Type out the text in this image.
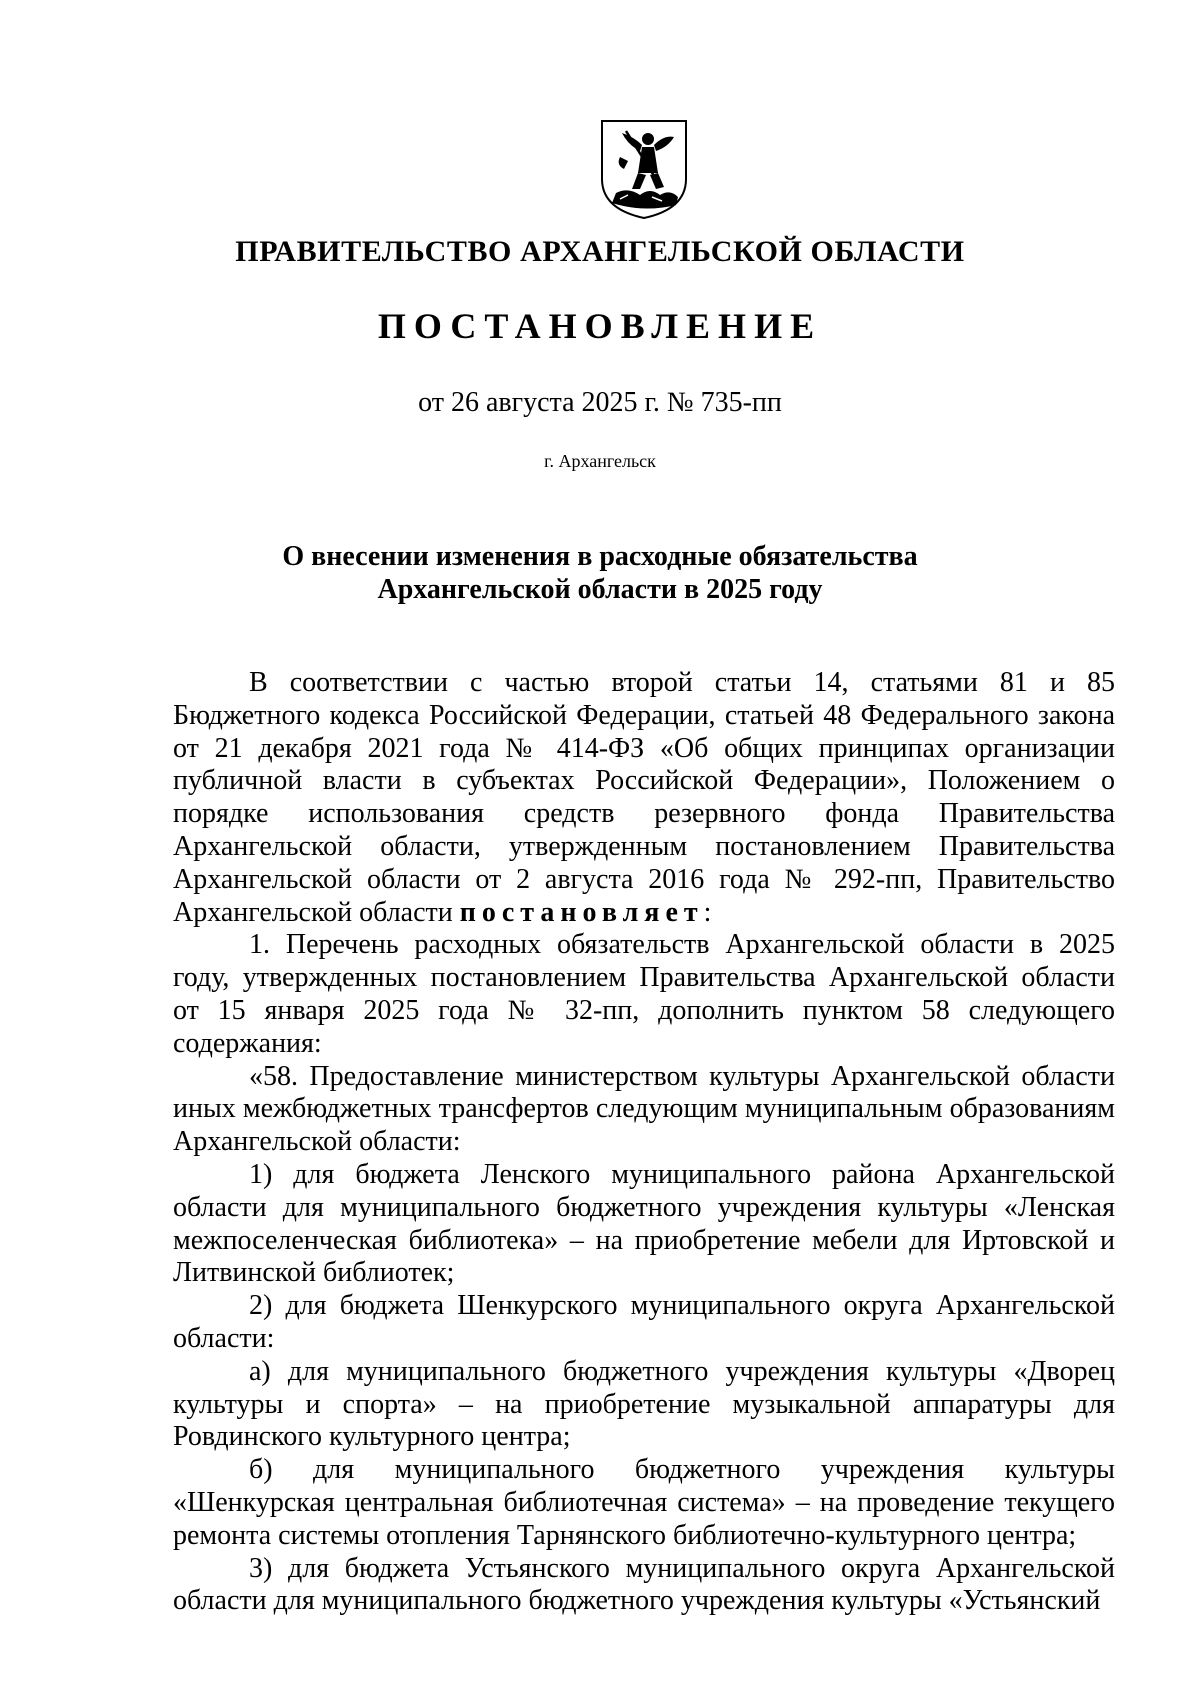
ПРАВИТЕЛЬСТВО АРХАНГЕЛЬСКОЙ ОБЛАСТИ
ПОСТАНОВЛЕНИЕ
от 26 августа 2025 г. № 735-пп
г. Архангельск
О внесении изменения в расходные обязательства
Архангельской области в 2025 году

В соответствии с частью второй статьи 14, статьями 81 и 85 Бюджетного кодекса Российской Федерации, статьей 48 Федерального закона от 21 декабря 2021 года № 414-ФЗ «Об общих принципах организации публичной власти в субъектах Российской Федерации», Положением о порядке использования средств резервного фонда Правительства Архангельской области, утвержденным постановлением Правительства Архангельской области от 2 августа 2016 года № 292-пп, Правительство Архангельской области постановляет:

1. Перечень расходных обязательств Архангельской области в 2025 году, утвержденных постановлением Правительства Архангельской области от 15 января 2025 года № 32-пп, дополнить пунктом 58 следующего содержания:

«58. Предоставление министерством культуры Архангельской области иных межбюджетных трансфертов следующим муниципальным образованиям Архангельской области:

1) для бюджета Ленского муниципального района Архангельской области для муниципального бюджетного учреждения культуры «Ленская межпоселенческая библиотека» – на приобретение мебели для Иртовской и Литвинской библиотек;

2) для бюджета Шенкурского муниципального округа Архангельской области:

а) для муниципального бюджетного учреждения культуры «Дворец культуры и спорта» – на приобретение музыкальной аппаратуры для Ровдинского культурного центра;

б) для муниципального бюджетного учреждения культуры «Шенкурская центральная библиотечная система» – на проведение текущего ремонта системы отопления Тарнянского библиотечно-культурного центра;

3) для бюджета Устьянского муниципального округа Архангельской области для муниципального бюджетного учреждения культуры «Устьянский
